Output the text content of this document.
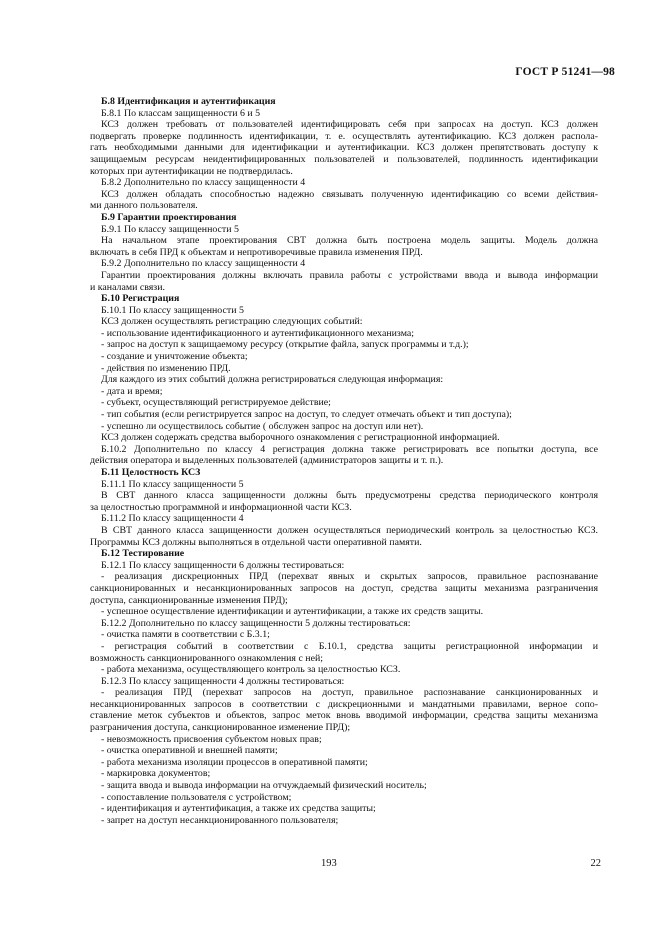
ГОСТ Р 51241—98
Б.8 Идентификация и аутентификация
Б.8.1 По классам защищенности 6 и 5
КСЗ должен требовать от пользователей идентифицировать себя при запросах на доступ. КСЗ должен
подвергать проверке подлинность идентификации, т. е. осуществлять аутентификацию. КСЗ должен распола-
гать необходимыми данными для идентификации и аутентификации. КСЗ должен препятствовать доступу к
защищаемым ресурсам неидентифицированных пользователей и пользователей, подлинность идентификации
которых при аутентификации не подтвердилась.
Б.8.2 Дополнительно по классу защищенности 4
КСЗ должен обладать способностью надежно связывать полученную идентификацию со всеми действия-
ми данного пользователя.
Б.9 Гарантии проектирования
Б.9.1 По классу защищенности 5
На начальном этапе проектирования СВТ должна быть построена модель защиты. Модель должна
включать в себя ПРД к объектам и непротиворечивые правила изменения ПРД.
Б.9.2 Дополнительно по классу защищенности 4
Гарантии проектирования должны включать правила работы с устройствами ввода и вывода информации
и каналами связи.
Б.10 Регистрация
Б.10.1 По классу защищенности 5
КСЗ должен осуществлять регистрацию следующих событий:
- использование идентификационного и аутентификационного механизма;
- запрос на доступ к защищаемому ресурсу (открытие файла, запуск программы и т.д.);
- создание и уничтожение объекта;
- действия по изменению ПРД.
Для каждого из этих событий должна регистрироваться следующая информация:
- дата и время;
- субъект, осуществляющий регистрируемое действие;
- тип события (если регистрируется запрос на доступ, то следует отмечать объект и тип доступа);
- успешно ли осуществилось событие ( обслужен запрос на доступ или нет).
КСЗ должен содержать средства выборочного ознакомления с регистрационной информацией.
Б.10.2 Дополнительно по классу 4 регистрация должна также регистрировать все попытки доступа, все
действия оператора и выделенных пользователей (администраторов защиты и т. п.).
Б.11 Целостность КСЗ
Б.11.1 По классу защищенности 5
В СВТ данного класса защищенности должны быть предусмотрены средства периодического контроля
за целостностью программной и информационной части КСЗ.
Б.11.2 По классу защищенности 4
В СВТ данного класса защищенности должен осуществляться периодический контроль за целостностью КСЗ.
Программы КСЗ должны выполняться в отдельной части оперативной памяти.
Б.12 Тестирование
Б.12.1 По классу защищенности 6 должны тестироваться:
- реализация дискреционных ПРД (перехват явных и скрытых запросов, правильное распознавание
санкционированных и несанкционированных запросов на доступ, средства защиты механизма разграничения
доступа, санкционированные изменения ПРД);
- успешное осуществление идентификации и аутентификации, а также их средств защиты.
Б.12.2 Дополнительно по классу защищенности 5 должны тестироваться:
- очистка памяти в соответствии с Б.3.1;
- регистрация событий в соответствии с Б.10.1, средства защиты регистрационной информации и
возможность санкционированного ознакомления с ней;
- работа механизма, осуществляющего контроль за целостностью КСЗ.
Б.12.3 По классу защищенности 4 должны тестироваться:
- реализация ПРД (перехват запросов на доступ, правильное распознавание санкционированных и
несанкционированных запросов в соответствии с дискреционными и мандатными правилами, верное сопо-
ставление меток субъектов и объектов, запрос меток вновь вводимой информации, средства защиты механизма
разграничения доступа, санкционированное изменение ПРД);
- невозможность присвоения субъектом новых прав;
- очистка оперативной и внешней памяти;
- работа механизма изоляции процессов в оперативной памяти;
- маркировка документов;
- защита ввода и вывода информации на отчуждаемый физический носитель;
- сопоставление пользователя с устройством;
- идентификация и аутентификация, а также их средства защиты;
- запрет на доступ несанкционированного пользователя;
193	22
